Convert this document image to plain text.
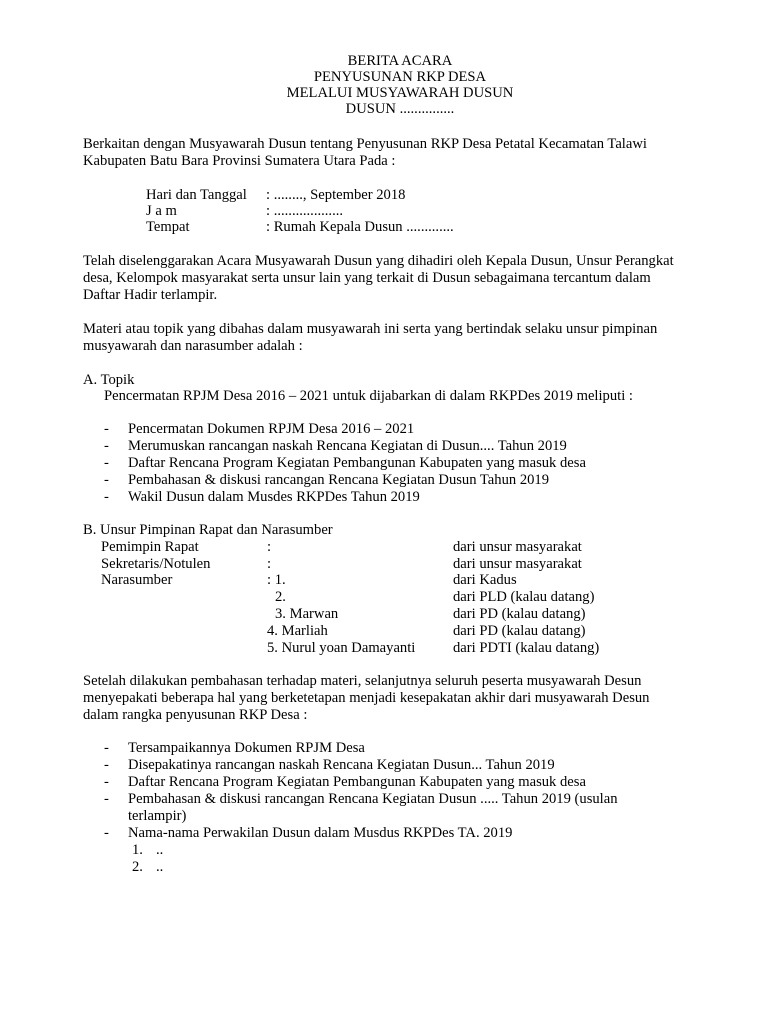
BERITA ACARA
PENYUSUNAN RKP DESA
MELALUI MUSYAWARAH DUSUN
DUSUN ...............
Berkaitan dengan Musyawarah Dusun tentang Penyusunan RKP Desa Petatal Kecamatan Talawi
Kabupaten Batu Bara Provinsi Sumatera Utara Pada :
Hari dan Tanggal : ........, September 2018
J a m	: ...................
Tempat	: Rumah Kepala Dusun .............
Telah diselenggarakan Acara Musyawarah Dusun yang dihadiri oleh Kepala Dusun, Unsur Perangkat
desa, Kelompok masyarakat serta unsur lain yang terkait di Dusun sebagaimana tercantum dalam
Daftar Hadir terlampir.
Materi atau topik yang dibahas dalam musyawarah ini serta yang bertindak selaku unsur pimpinan
musyawarah dan narasumber adalah :
A. Topik
Pencermatan RPJM Desa 2016 – 2021 untuk dijabarkan di dalam RKPDes 2019 meliputi :
- Pencermatan Dokumen RPJM Desa 2016 – 2021
- Merumuskan rancangan naskah Rencana Kegiatan di Dusun.... Tahun 2019
- Daftar Rencana Program Kegiatan Pembangunan Kabupaten yang masuk desa
- Pembahasan & diskusi rancangan Rencana Kegiatan Dusun Tahun 2019
- Wakil Dusun dalam Musdes RKPDes Tahun 2019
B. Unsur Pimpinan Rapat dan Narasumber
Pemimpin Rapat	:	dari unsur masyarakat
Sekretaris/Notulen	:	dari unsur masyarakat
Narasumber	: 1.	dari Kadus
2.	dari PLD (kalau datang)
3. Marwan	dari PD (kalau datang)
4. Marliah	dari PD (kalau datang)
5. Nurul yoan Damayanti	dari PDTI (kalau datang)
Setelah dilakukan pembahasan terhadap materi, selanjutnya seluruh peserta musyawarah Desun
menyepakati beberapa hal yang berketetapan menjadi kesepakatan akhir dari musyawarah Desun
dalam rangka penyusunan RKP Desa :
- Tersampaikannya Dokumen RPJM Desa
- Disepakatinya rancangan naskah Rencana Kegiatan Dusun... Tahun 2019
- Daftar Rencana Program Kegiatan Pembangunan Kabupaten yang masuk desa
- Pembahasan & diskusi rancangan Rencana Kegiatan Dusun ..... Tahun 2019 (usulan
terlampir)
- Nama-nama Perwakilan Dusun dalam Musdus RKPDes TA. 2019
1. ..
2. ..
